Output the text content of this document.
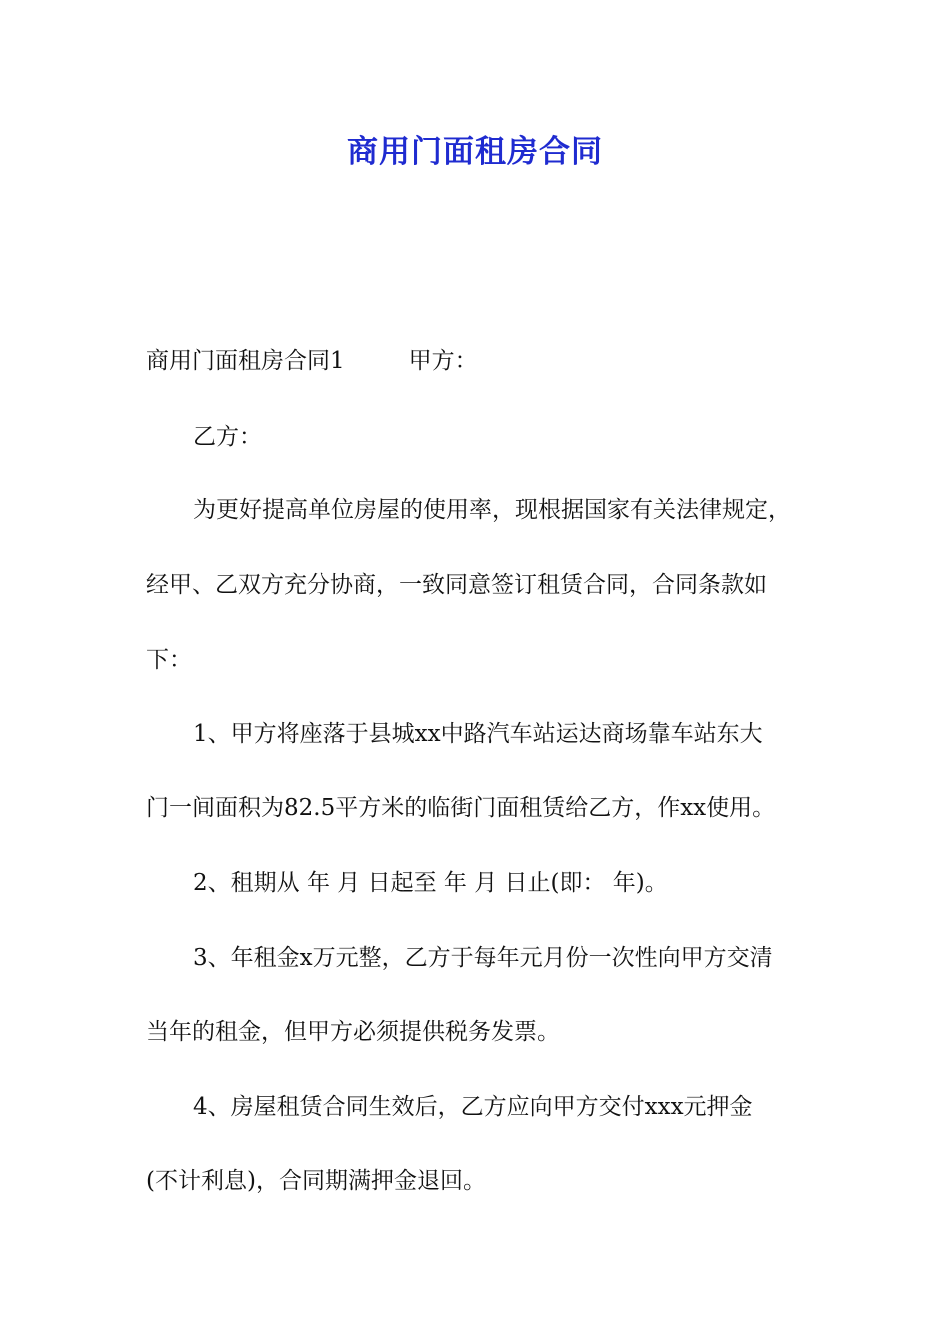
商用门面租房合同
商用门面租房合同1	甲方：
乙方：
为更好提高单位房屋的使用率，现根据国家有关法律规定，
经甲、乙双方充分协商，一致同意签订租赁合同，合同条款如
下：
1、甲方将座落于县城xx中路汽车站运达商场靠车站东大
门一间面积为82.5平方米的临街门面租赁给乙方，作xx使用。
2、租期从 年 月 日起至 年 月 日止(即： 年)。
3、年租金x万元整，乙方于每年元月份一次性向甲方交清
当年的租金，但甲方必须提供税务发票。
4、房屋租赁合同生效后，乙方应向甲方交付xxx元押金
(不计利息)，合同期满押金退回。
